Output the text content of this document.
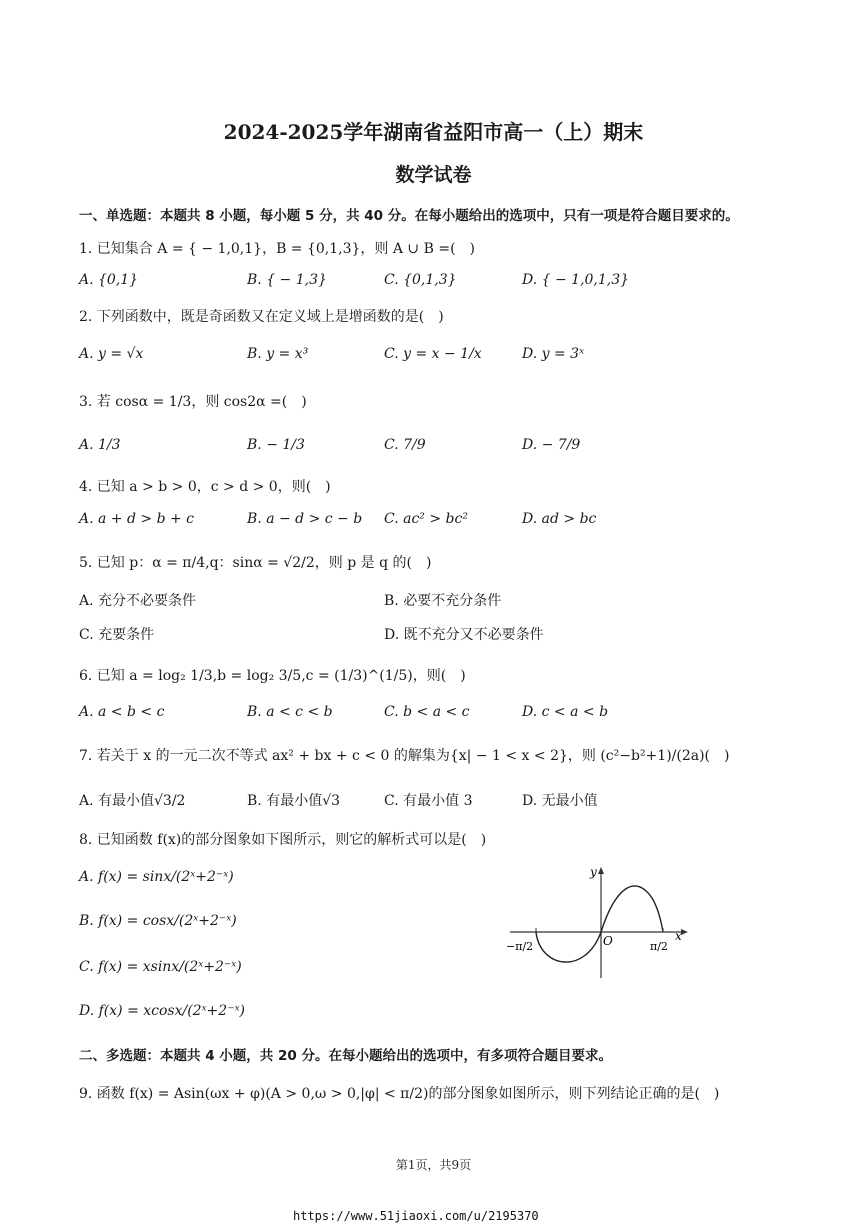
2024-2025学年湖南省益阳市高一（上）期末
数学试卷
一、单选题：本题共 8 小题，每小题 5 分，共 40 分。在每小题给出的选项中，只有一项是符合题目要求的。
1. 已知集合 A = { − 1,0,1}，B = {0,1,3}，则 A ∪ B =(　)
A. {0,1}	B. { − 1,3}	C. {0,1,3}	D. { − 1,0,1,3}
2. 下列函数中，既是奇函数又在定义域上是增函数的是(　)
A. y = √x	B. y = x³	C. y = x − 1/x	D. y = 3ˣ
3. 若 cosα = 1/3，则 cos2α =(　)
A. 1/3	B. − 1/3	C. 7/9	D. − 7/9
4. 已知 a > b > 0，c > d > 0，则(　)
A. a + d > b + c	B. a − d > c − b C. ac² > bc²	D. ad > bc
5. 已知 p：α = π/4,q：sinα = √2/2，则 p 是 q 的(　)
A. 充分不必要条件	B. 必要不充分条件
C. 充要条件	D. 既不充分又不必要条件
6. 已知 a = log₂ 1/3,b = log₂ 3/5,c = (1/3)^(1/5)，则(　)
A. a < b < c	B. a < c < b	C. b < a < c	D. c < a < b
7. 若关于 x 的一元二次不等式 ax² + bx + c < 0 的解集为{x| − 1 < x < 2}，则 (c²−b²+1)/(2a)(　)
A. 有最小值√3/2	B. 有最小值√3	C. 有最小值 3	D. 无最小值
8. 已知函数 f(x)的部分图象如下图所示，则它的解析式可以是(　)
A. f(x) = sinx/(2ˣ+2⁻ˣ)
B. f(x) = cosx/(2ˣ+2⁻ˣ)
C. f(x) = xsinx/(2ˣ+2⁻ˣ)
D. f(x) = xcosx/(2ˣ+2⁻ˣ)
y
x
O
−π/2	π/2
二、多选题：本题共 4 小题，共 20 分。在每小题给出的选项中，有多项符合题目要求。
9. 函数 f(x) = Asin(ωx + φ)(A > 0,ω > 0,|φ| < π/2)的部分图象如图所示，则下列结论正确的是(　)
第1页，共9页
https://www.51jiaoxi.com/u/2195370
